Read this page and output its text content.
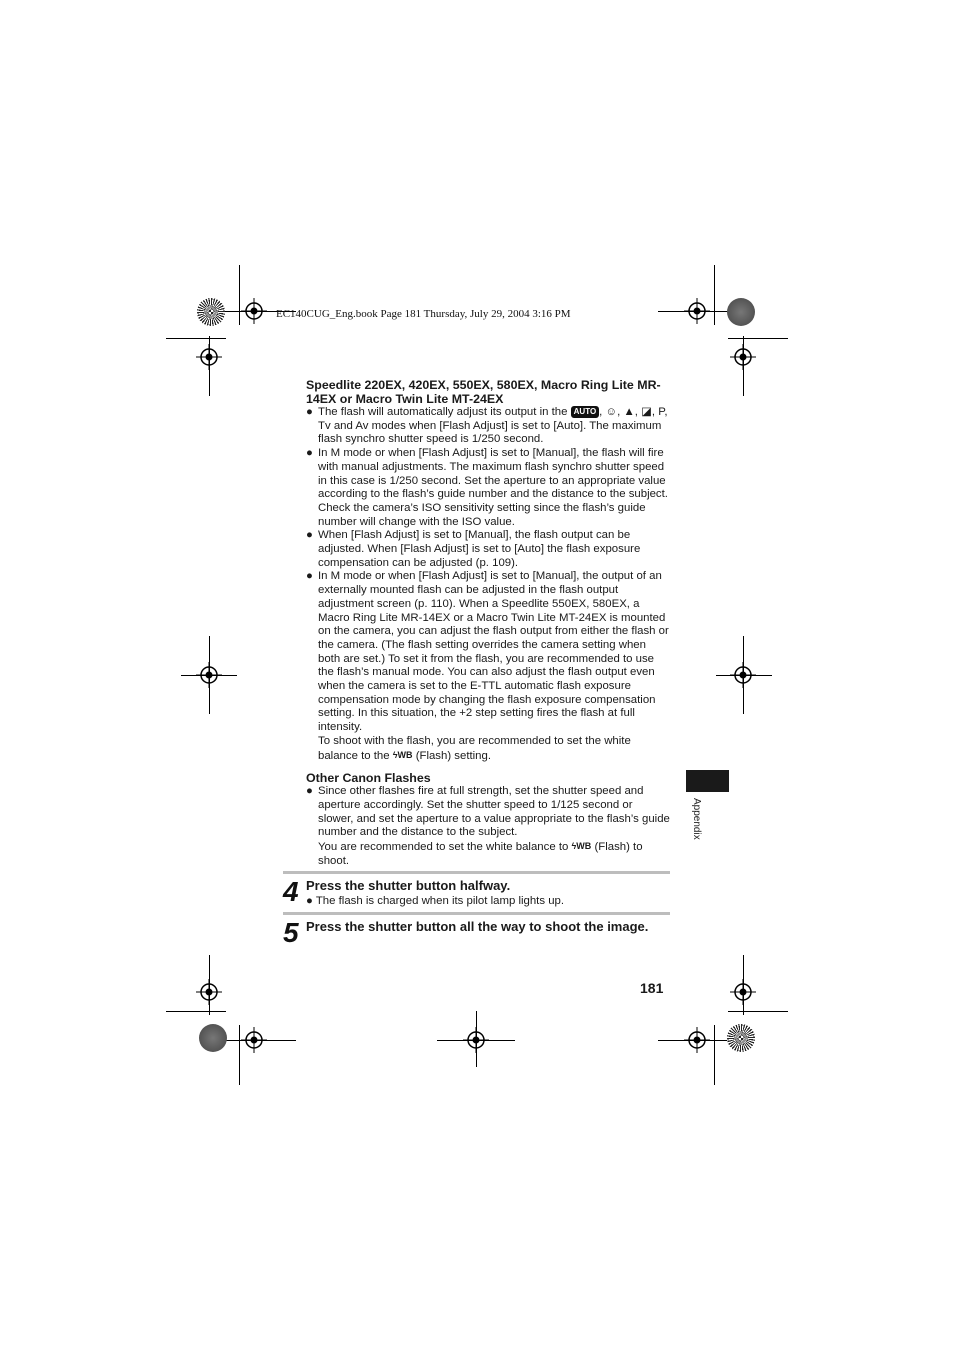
EC140CUG_Eng.book Page 181 Thursday, July 29, 2004 3:16 PM

Speedlite 220EX, 420EX, 550EX, 580EX, Macro Ring Lite MR-14EX or Macro Twin Lite MT-24EX

● The flash will automatically adjust its output in the AUTO , ☺, ▲, ◪, P, Tv and Av modes when [Flash Adjust] is set to [Auto]. The maximum flash synchro shutter speed is 1/250 second.

● In M mode or when [Flash Adjust] is set to [Manual], the flash will fire with manual adjustments. The maximum flash synchro shutter speed in this case is 1/250 second. Set the aperture to an appropriate value according to the flash’s guide number and the distance to the subject. Check the camera’s ISO sensitivity setting since the flash’s guide number will change with the ISO value.

● When [Flash Adjust] is set to [Manual], the flash output can be adjusted. When [Flash Adjust] is set to [Auto] the flash exposure compensation can be adjusted (p. 109).

● In M mode or when [Flash Adjust] is set to [Manual], the output of an externally mounted flash can be adjusted in the flash output adjustment screen (p. 110). When a Speedlite 550EX, 580EX, a Macro Ring Lite MR-14EX or a Macro Twin Lite MT-24EX is mounted on the camera, you can adjust the flash output from either the flash or the camera. (The flash setting overrides the camera setting when both are set.) To set it from the flash, you are recommended to use the flash’s manual mode. You can also adjust the flash output even when the camera is set to the E-TTL automatic flash exposure compensation mode by changing the flash exposure compensation setting. In this situation, the +2 step setting fires the flash at full intensity.

To shoot with the flash, you are recommended to set the white balance to the ϟWB (Flash) setting.

Other Canon Flashes

● Since other flashes fire at full strength, set the shutter speed and aperture accordingly. Set the shutter speed to 1/125 second or slower, and set the aperture to a value appropriate to the flash’s guide number and the distance to the subject.

You are recommended to set the white balance to ϟWB (Flash) to shoot.

4 Press the shutter button halfway.
● The flash is charged when its pilot lamp lights up.
5 Press the shutter button all the way to shoot the image.
Appendix
181
